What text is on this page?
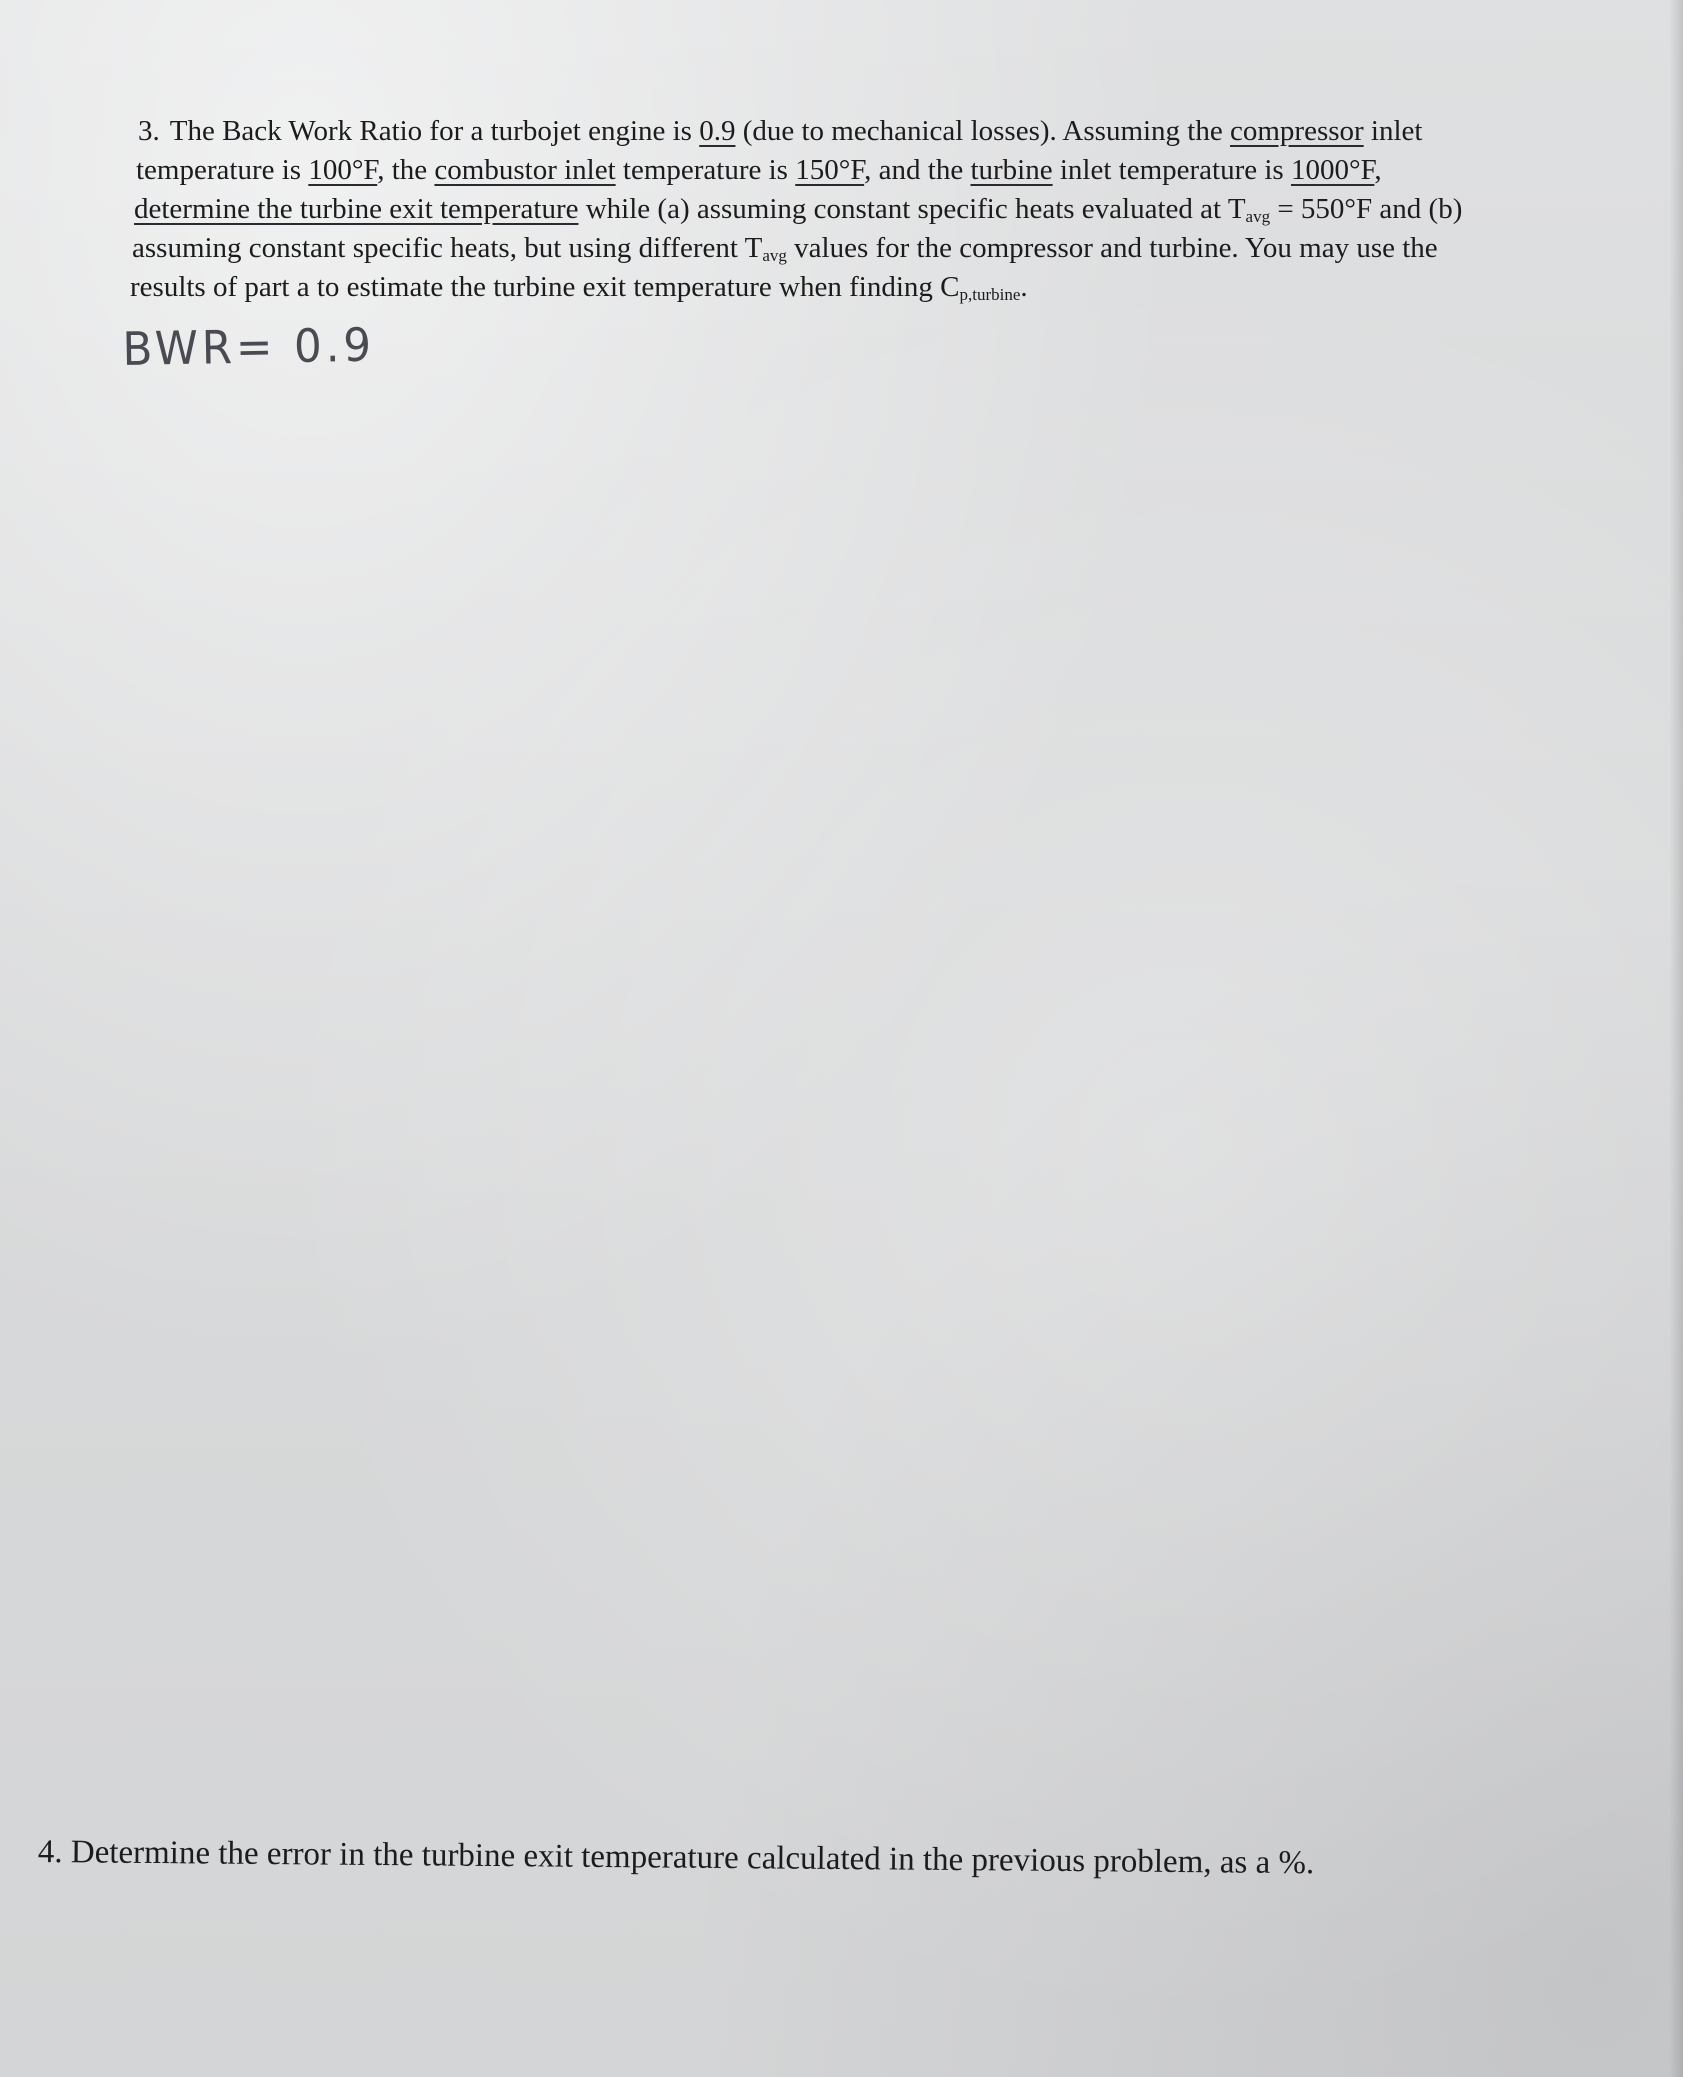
3. The Back Work Ratio for a turbojet engine is 0.9 (due to mechanical losses). Assuming the compressor inlet
temperature is 100°F, the combustor inlet temperature is 150°F, and the turbine inlet temperature is 1000°F,
determine the turbine exit temperature while (a) assuming constant specific heats evaluated at $T_{avg} = 550^\circ F$ and (b)
assuming constant specific heats, but using different $T_{avg}$ values for the compressor and turbine. You may use the
results of part a to estimate the turbine exit temperature when finding $C_{p,turbine}$.
BWR= 0.9
4. Determine the error in the turbine exit temperature calculated in the previous problem, as a %.
